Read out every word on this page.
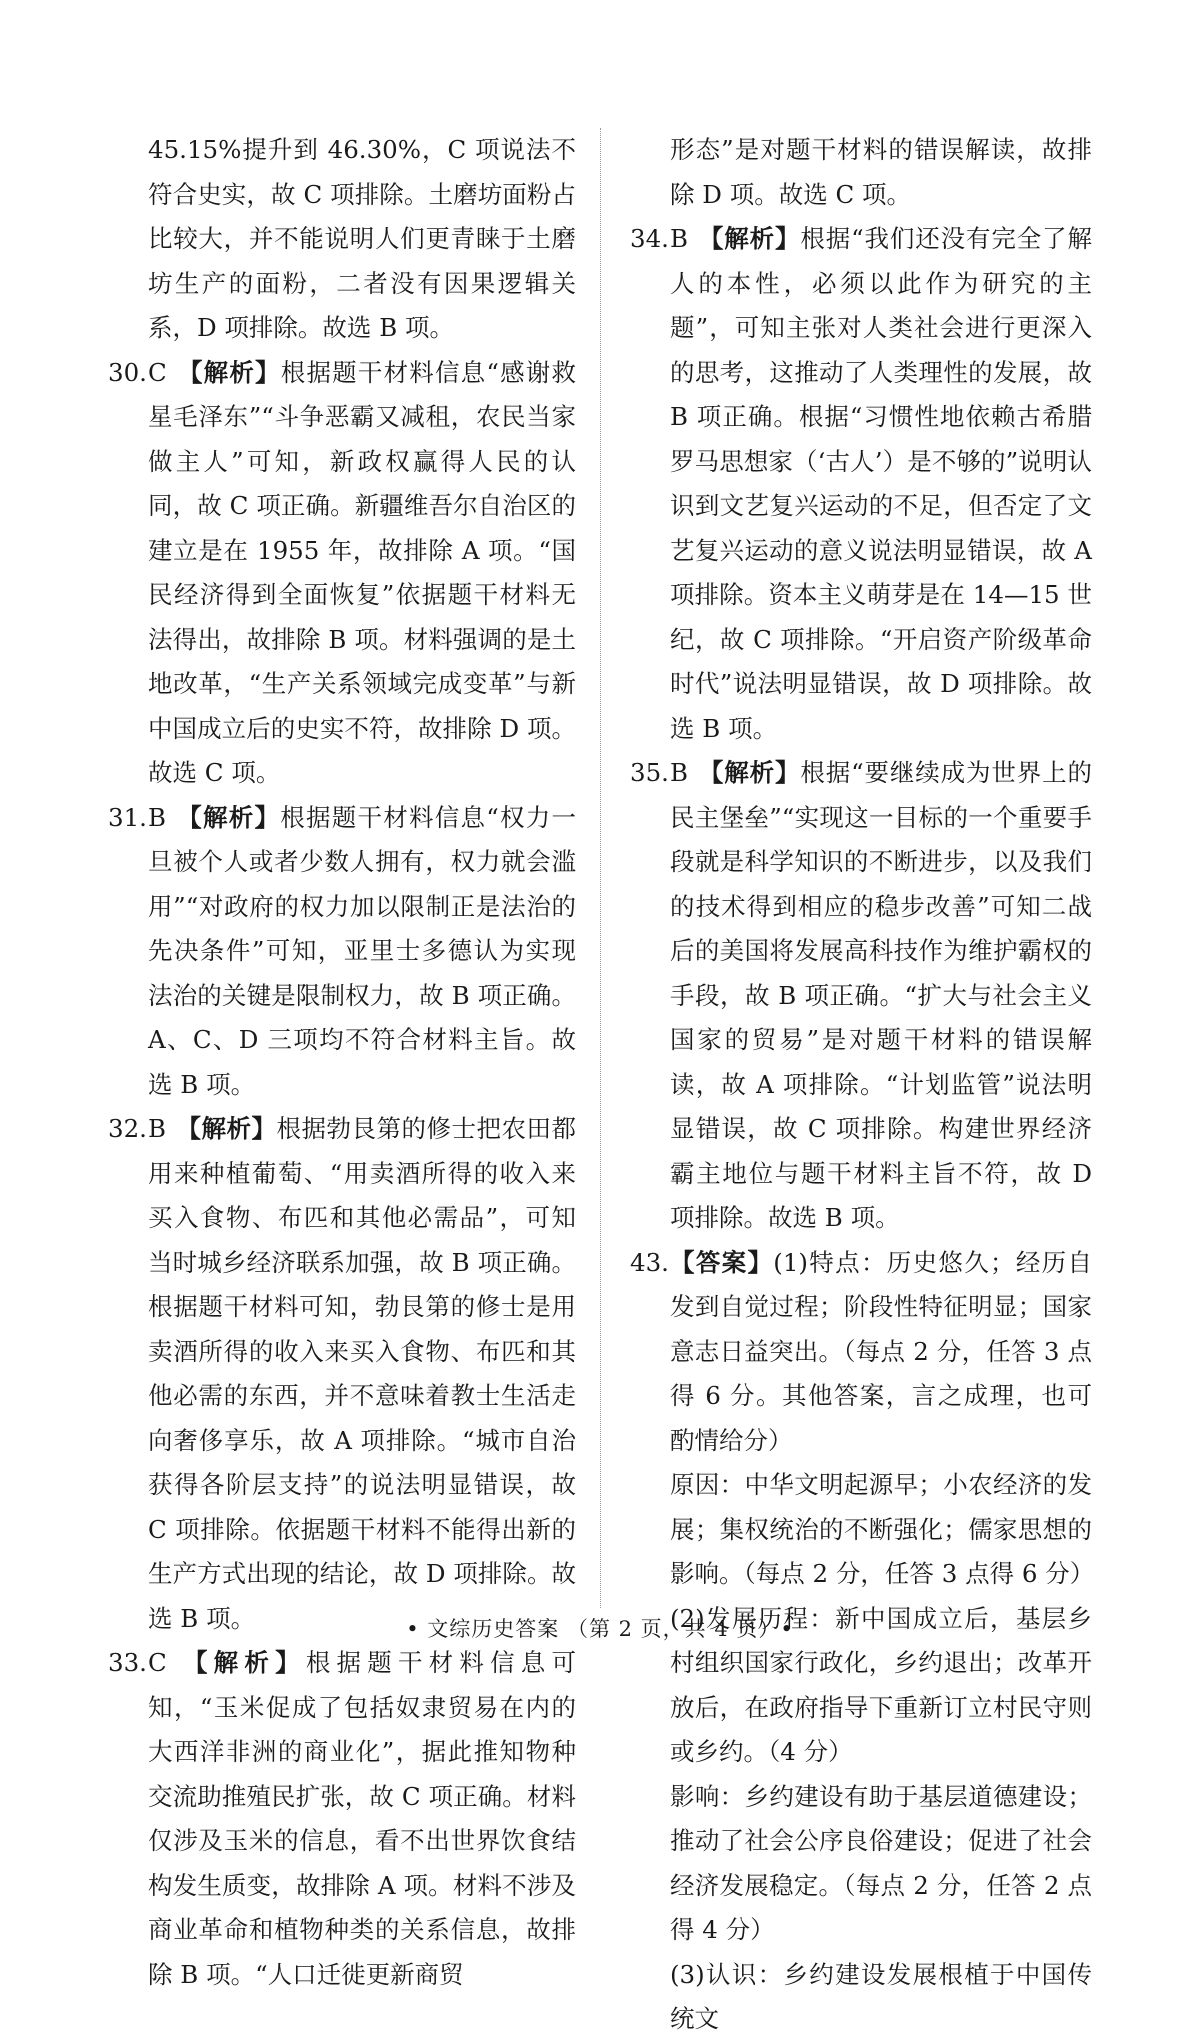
45.15%提升到 46.30%，C 项说法不符合史实，故 C 项排除。土磨坊面粉占比较大，并不能说明人们更青睐于土磨坊生产的面粉，二者没有因果逻辑关系，D 项排除。故选 B 项。
30. C 【解析】根据题干材料信息“感谢救星毛泽东”“斗争恶霸又减租，农民当家做主人”可知，新政权赢得人民的认同，故 C 项正确。新疆维吾尔自治区的建立是在 1955 年，故排除 A 项。“国民经济得到全面恢复”依据题干材料无法得出，故排除 B 项。材料强调的是土地改革，“生产关系领域完成变革”与新中国成立后的史实不符，故排除 D 项。故选 C 项。
31. B 【解析】根据题干材料信息“权力一旦被个人或者少数人拥有，权力就会滥用”“对政府的权力加以限制正是法治的先决条件”可知，亚里士多德认为实现法治的关键是限制权力，故 B 项正确。A、C、D 三项均不符合材料主旨。故选 B 项。
32. B 【解析】根据勃艮第的修士把农田都用来种植葡萄、“用卖酒所得的收入来买入食物、布匹和其他必需品”，可知当时城乡经济联系加强，故 B 项正确。根据题干材料可知，勃艮第的修士是用卖酒所得的收入来买入食物、布匹和其他必需的东西，并不意味着教士生活走向奢侈享乐，故 A 项排除。“城市自治获得各阶层支持”的说法明显错误，故 C 项排除。依据题干材料不能得出新的生产方式出现的结论，故 D 项排除。故选 B 项。
33. C 【解析】根据题干材料信息可知，“玉米促成了包括奴隶贸易在内的大西洋非洲的商业化”，据此推知物种交流助推殖民扩张，故 C 项正确。材料仅涉及玉米的信息，看不出世界饮食结构发生质变，故排除 A 项。材料不涉及商业革命和植物种类的关系信息，故排除 B 项。“人口迁徙更新商贸
形态”是对题干材料的错误解读，故排除 D 项。故选 C 项。
34. B 【解析】根据“我们还没有完全了解人的本性，必须以此作为研究的主题”，可知主张对人类社会进行更深入的思考，这推动了人类理性的发展，故 B 项正确。根据“习惯性地依赖古希腊罗马思想家（‘古人’）是不够的”说明认识到文艺复兴运动的不足，但否定了文艺复兴运动的意义说法明显错误，故 A 项排除。资本主义萌芽是在 14—15 世纪，故 C 项排除。“开启资产阶级革命时代”说法明显错误，故 D 项排除。故选 B 项。
35. B 【解析】根据“要继续成为世界上的民主堡垒”“实现这一目标的一个重要手段就是科学知识的不断进步，以及我们的技术得到相应的稳步改善”可知二战后的美国将发展高科技作为维护霸权的手段，故 B 项正确。“扩大与社会主义国家的贸易”是对题干材料的错误解读，故 A 项排除。“计划监管”说法明显错误，故 C 项排除。构建世界经济霸主地位与题干材料主旨不符，故 D 项排除。故选 B 项。
43. 【答案】(1)特点：历史悠久；经历自发到自觉过程；阶段性特征明显；国家意志日益突出。（每点 2 分，任答 3 点得 6 分。其他答案，言之成理，也可酌情给分）
原因：中华文明起源早；小农经济的发展；集权统治的不断强化；儒家思想的影响。（每点 2 分，任答 3 点得 6 分）
(2)发展历程：新中国成立后，基层乡村组织国家行政化，乡约退出；改革开放后，在政府指导下重新订立村民守则或乡约。（4 分）
影响：乡约建设有助于基层道德建设；推动了社会公序良俗建设；促进了社会经济发展稳定。（每点 2 分，任答 2 点得 4 分）
(3)认识：乡约建设发展根植于中国传统文
• 文综历史答案 （第 2 页，共 4 页）•
